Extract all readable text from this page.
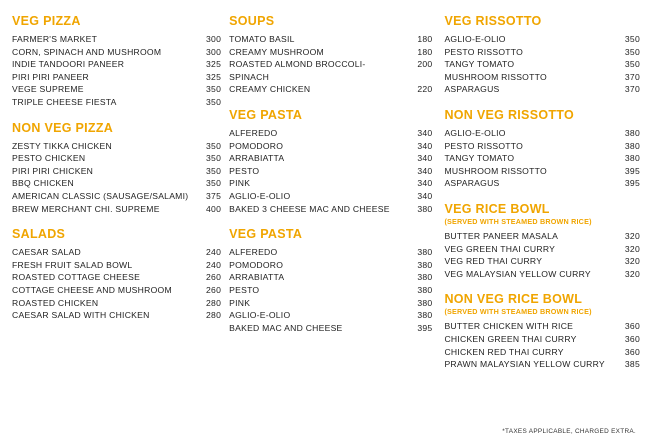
VEG PIZZA
FARMER'S MARKET	300
CORN, SPINACH AND MUSHROOM	300
INDIE TANDOORI PANEER	325
PIRI PIRI PANEER	325
VEGE SUPREME	350
TRIPLE CHEESE FIESTA	350
NON VEG PIZZA
ZESTY TIKKA CHICKEN	350
PESTO CHICKEN	350
PIRI PIRI CHICKEN	350
BBQ CHICKEN	350
AMERICAN CLASSIC (SAUSAGE/SALAMI) 375
BREW MERCHANT CHI. SUPREME	400
SALADS
CAESAR SALAD	240
FRESH FRUIT SALAD BOWL	240
ROASTED COTTAGE CHEESE	260
COTTAGE CHEESE AND MUSHROOM	260
ROASTED CHICKEN	280
CAESAR SALAD WITH CHICKEN	280
SOUPS
TOMATO BASIL	180
CREAMY MUSHROOM	180
ROASTED ALMOND BROCCOLI-	200
SPINACH
CREAMY CHICKEN	220
VEG PASTA
ALFEREDO	340
POMODORO	340
ARRABIATTA	340
PESTO	340
PINK	340
AGLIO-E-OLIO	340
BAKED 3 CHEESE MAC AND CHEESE	380
VEG PASTA
ALFEREDO	380
POMODORO	380
ARRABIATTA	380
PESTO	380
PINK	380
AGLIO-E-OLIO	380
BAKED MAC AND CHEESE	395
VEG RISSOTTO
AGLIO-E-OLIO	350
PESTO RISSOTTO	350
TANGY TOMATO	350
MUSHROOM RISSOTTO	370
ASPARAGUS	370
NON VEG RISSOTTO
AGLIO-E-OLIO	380
PESTO RISSOTTO	380
TANGY TOMATO	380
MUSHROOM RISSOTTO	395
ASPARAGUS	395
VEG RICE BOWL
(SERVED WITH STEAMED BROWN RICE)
BUTTER PANEER MASALA	320
VEG GREEN THAI CURRY	320
VEG RED THAI CURRY	320
VEG MALAYSIAN YELLOW CURRY	320
NON VEG RICE BOWL
(SERVED WITH STEAMED BROWN RICE)
BUTTER CHICKEN WITH RICE	360
CHICKEN GREEN THAI CURRY	360
CHICKEN RED THAI CURRY	360
PRAWN MALAYSIAN YELLOW CURRY 385
*TAXES APPLICABLE, CHARGED EXTRA.
